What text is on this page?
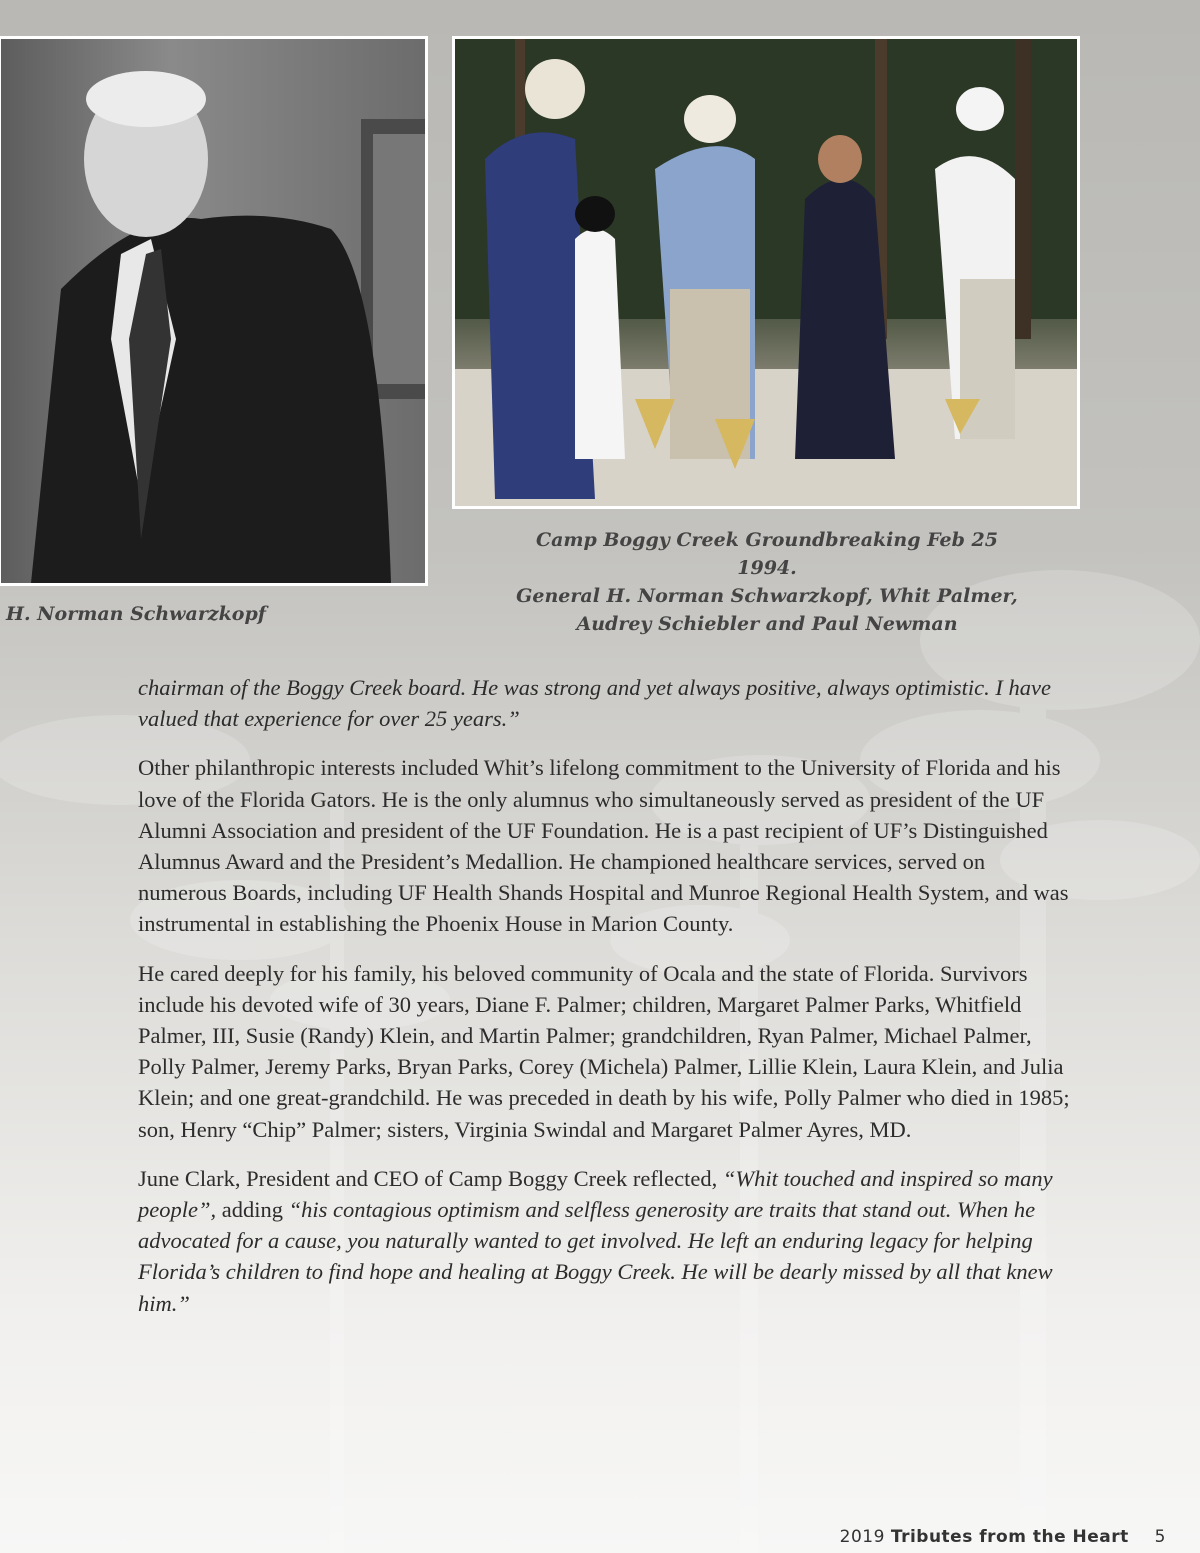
H. Norman Schwarzkopf
Camp Boggy Creek Groundbreaking Feb 25 1994.
General H. Norman Schwarzkopf, Whit Palmer,
Audrey Schiebler and Paul Newman

chairman of the Boggy Creek board. He was strong and yet always positive, always optimistic. I have valued that experience for over 25 years.”

Other philanthropic interests included Whit’s lifelong commitment to the University of Florida and his love of the Florida Gators. He is the only alumnus who simultaneously served as president of the UF Alumni Association and president of the UF Foundation. He is a past recipient of UF’s Distinguished Alumnus Award and the President’s Medallion. He championed healthcare services, served on numerous Boards, including UF Health Shands Hospital and Munroe Regional Health System, and was instrumental in establishing the Phoenix House in Marion County.

He cared deeply for his family, his beloved community of Ocala and the state of Florida. Survivors include his devoted wife of 30 years, Diane F. Palmer; children, Margaret Palmer Parks, Whitfield Palmer, III, Susie (Randy) Klein, and Martin Palmer; grandchildren, Ryan Palmer, Michael Palmer, Polly Palmer, Jeremy Parks, Bryan Parks, Corey (Michela) Palmer, Lillie Klein, Laura Klein, and Julia Klein; and one great-grandchild. He was preceded in death by his wife, Polly Palmer who died in 1985; son, Henry “Chip” Palmer; sisters, Virginia Swindal and Margaret Palmer Ayres, MD.

June Clark, President and CEO of Camp Boggy Creek reflected, “Whit touched and inspired so many people”, adding “his contagious optimism and selfless generosity are traits that stand out. When he advocated for a cause, you naturally wanted to get involved. He left an enduring legacy for helping Florida’s children to find hope and healing at Boggy Creek. He will be dearly missed by all that knew him.”

2019 Tributes from the Heart 5
